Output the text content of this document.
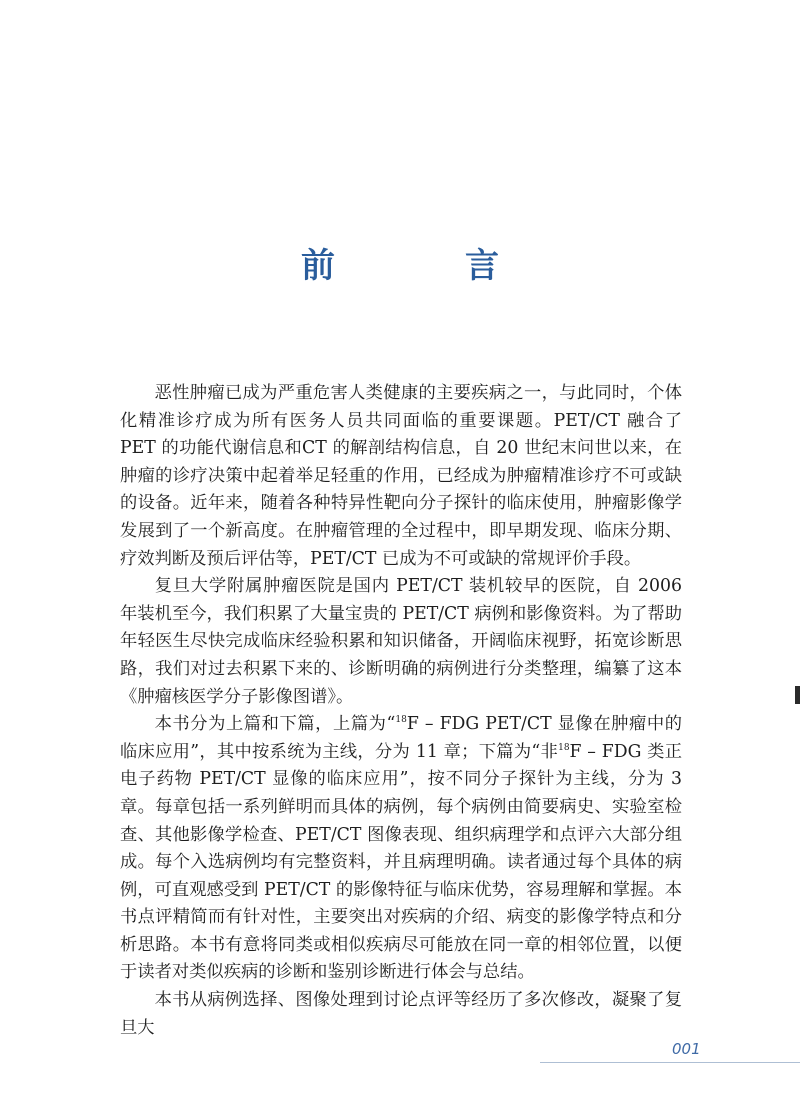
前　言

恶性肿瘤已成为严重危害人类健康的主要疾病之一，与此同时，个体化精准诊疗成为所有医务人员共同面临的重要课题。PET/CT 融合了 PET 的功能代谢信息和CT 的解剖结构信息，自 20 世纪末问世以来，在肿瘤的诊疗决策中起着举足轻重的作用，已经成为肿瘤精准诊疗不可或缺的设备。近年来，随着各种特异性靶向分子探针的临床使用，肿瘤影像学发展到了一个新高度。在肿瘤管理的全过程中，即早期发现、临床分期、疗效判断及预后评估等，PET/CT 已成为不可或缺的常规评价手段。

复旦大学附属肿瘤医院是国内 PET/CT 装机较早的医院，自 2006 年装机至今，我们积累了大量宝贵的 PET/CT 病例和影像资料。为了帮助年轻医生尽快完成临床经验积累和知识储备，开阔临床视野，拓宽诊断思路，我们对过去积累下来的、诊断明确的病例进行分类整理，编纂了这本《肿瘤核医学分子影像图谱》。

本书分为上篇和下篇，上篇为“$^{18}$F – FDG PET/CT 显像在肿瘤中的临床应用”，其中按系统为主线，分为 11 章；下篇为“非$^{18}$F – FDG 类正电子药物 PET/CT 显像的临床应用”，按不同分子探针为主线，分为 3 章。每章包括一系列鲜明而具体的病例，每个病例由简要病史、实验室检查、其他影像学检查、PET/CT 图像表现、组织病理学和点评六大部分组成。每个入选病例均有完整资料，并且病理明确。读者通过每个具体的病例，可直观感受到 PET/CT 的影像特征与临床优势，容易理解和掌握。本书点评精简而有针对性，主要突出对疾病的介绍、病变的影像学特点和分析思路。本书有意将同类或相似疾病尽可能放在同一章的相邻位置，以便于读者对类似疾病的诊断和鉴别诊断进行体会与总结。

本书从病例选择、图像处理到讨论点评等经历了多次修改，凝聚了复旦大

001
